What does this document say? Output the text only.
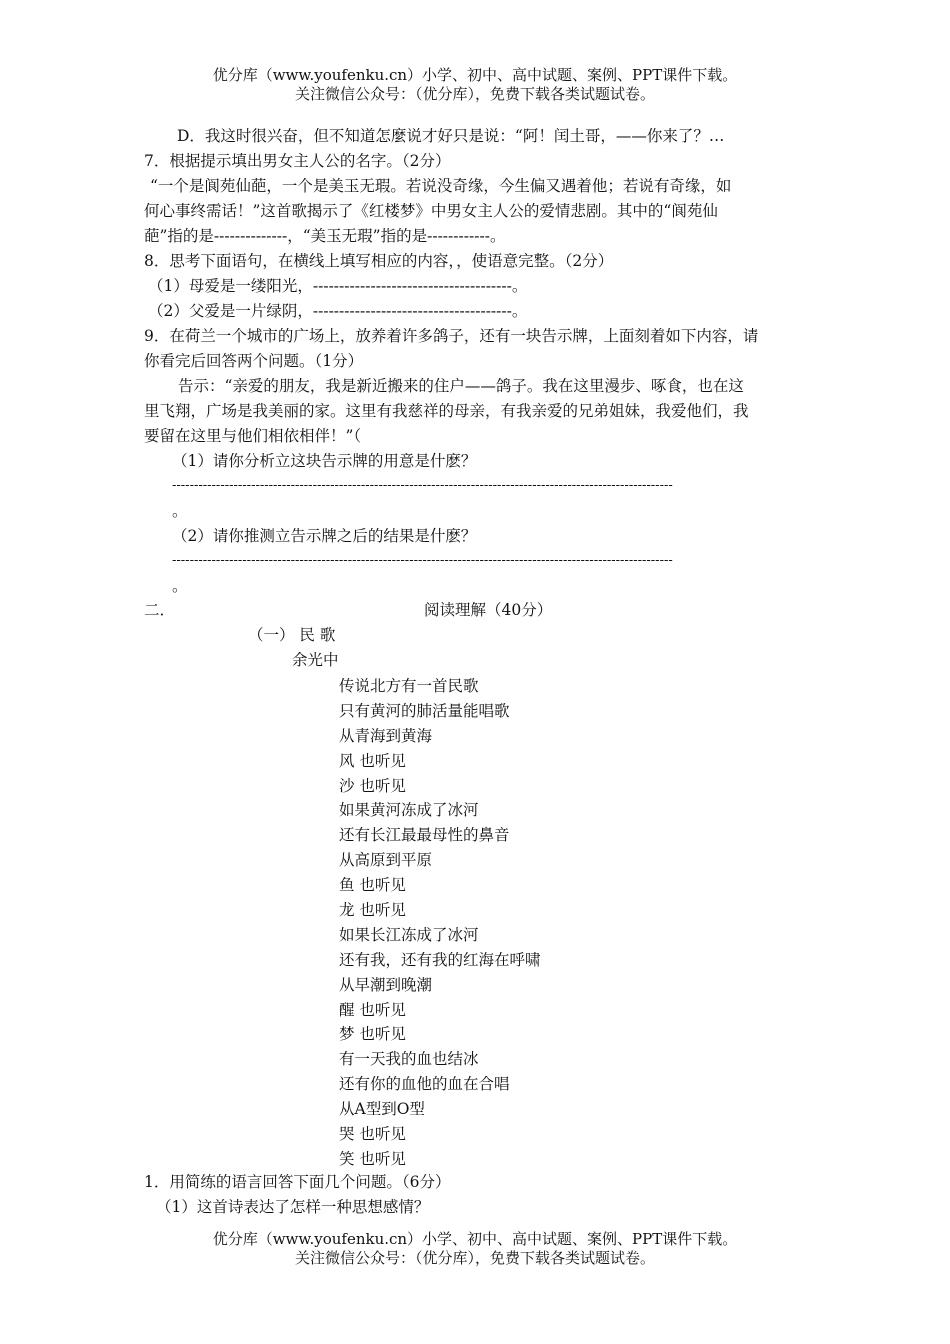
优分库（www.youfenku.cn）小学、初中、高中试题、案例、PPT课件下载。
关注微信公众号：（优分库），免费下载各类试题试卷。
D．我这时很兴奋，但不知道怎麼说才好只是说：“阿！闰土哥，——你来了？…
7．根据提示填出男女主人公的名字。（2分）
“一个是阆苑仙葩，一个是美玉无瑕。若说没奇缘，今生偏又遇着他；若说有奇缘，如
何心事终需话！”这首歌揭示了《红楼梦》中男女主人公的爱情悲剧。其中的“阆苑仙
葩”指的是--------------，“美玉无瑕”指的是------------。
8．思考下面语句，在横线上填写相应的内容，，使语意完整。（2分）
（1）母爱是一缕阳光，--------------------------------------。
（2）父爱是一片绿阴，--------------------------------------。
9．在荷兰一个城市的广场上，放养着许多鸽子，还有一块告示牌，上面刻着如下内容，请
你看完后回答两个问题。（1分）
告示：“亲爱的朋友，我是新近搬来的住户——鸽子。我在这里漫步、啄食，也在这
里飞翔，广场是我美丽的家。这里有我慈祥的母亲，有我亲爱的兄弟姐妹，我爱他们，我
要留在这里与他们相依相伴！”（
（1）请你分析立这块告示牌的用意是什麽？
------------------------------------------------------------------------------------------------------------------
。
（2）请你推测立告示牌之后的结果是什麽？
------------------------------------------------------------------------------------------------------------------
。
二．	阅读理解（40分）
（一） 民 歌
余光中
传说北方有一首民歌
只有黄河的肺活量能唱歌
从青海到黄海
风 也听见
沙 也听见
如果黄河冻成了冰河
还有长江最最母性的鼻音
从高原到平原
鱼 也听见
龙 也听见
如果长江冻成了冰河
还有我，还有我的红海在呼啸
从早潮到晚潮
醒 也听见
梦 也听见
有一天我的血也结冰
还有你的血他的血在合唱
从A型到O型
哭 也听见
笑 也听见
1．用简练的语言回答下面几个问题。（6分）
（1）这首诗表达了怎样一种思想感情？
优分库（www.youfenku.cn）小学、初中、高中试题、案例、PPT课件下载。
关注微信公众号：（优分库），免费下载各类试题试卷。
